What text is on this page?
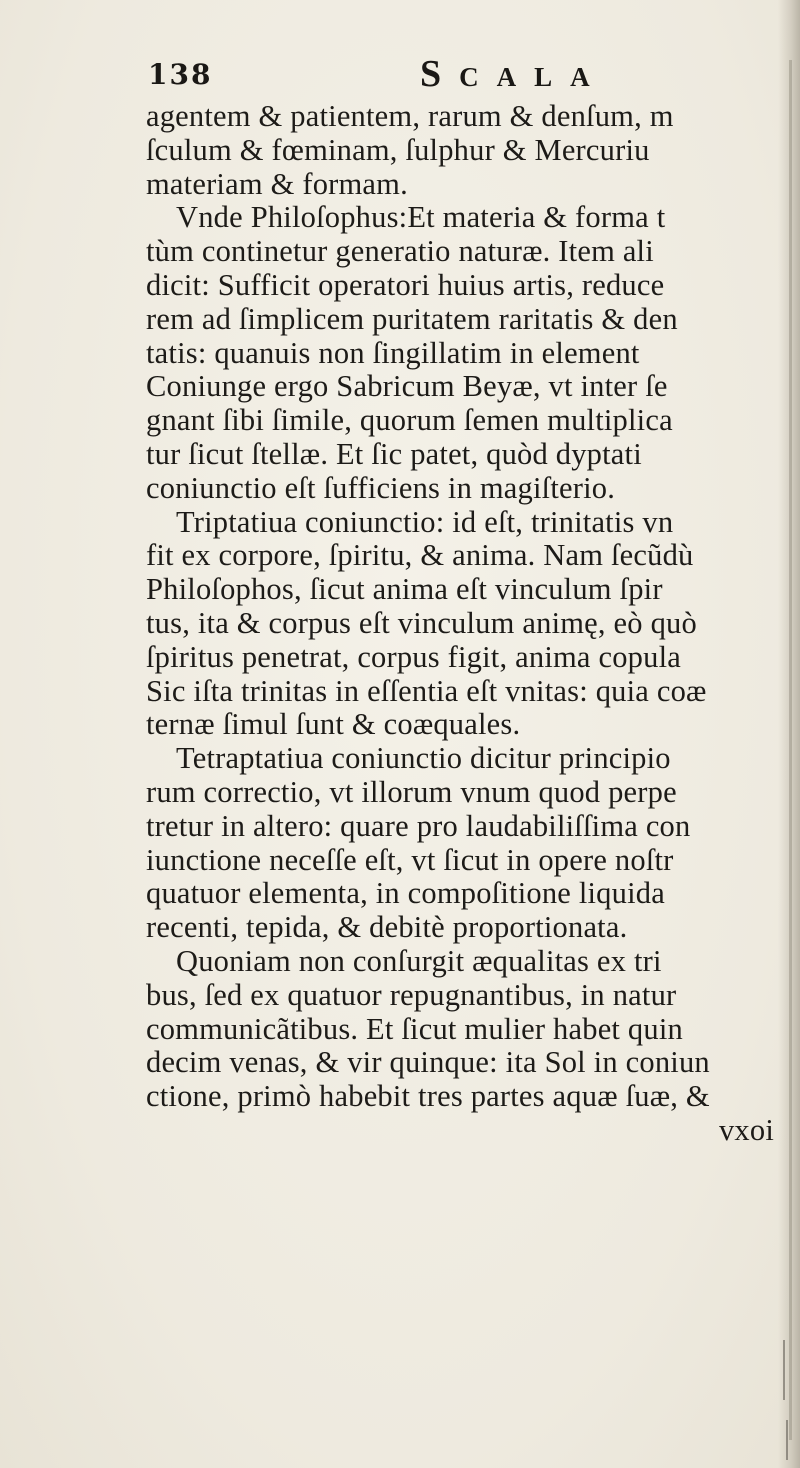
138	Scala
agentem & patientem, rarum & denſum, m
ſculum & fœminam, ſulphur & Mercuriu
materiam & formam.
Vnde Philoſophus:Et materia & forma t
tùm continetur generatio naturæ. Item ali
dicit: Sufficit operatori huius artis, reduce
rem ad ſimplicem puritatem raritatis & den
tatis: quanuis non ſingillatim in element
Coniunge ergo Sabricum Beyæ, vt inter ſe
gnant ſibi ſimile, quorum ſemen multiplica
tur ſicut ſtellæ. Et ſic patet, quòd dyptati
coniunctio eſt ſufficiens in magiſterio.
Triptatiua coniunctio: id eſt, trinitatis vn
fit ex corpore, ſpiritu, & anima. Nam ſecũdù
Philoſophos, ſicut anima eſt vinculum ſpir
tus, ita & corpus eſt vinculum animę, eò quò
ſpiritus penetrat, corpus figit, anima copula
Sic iſta trinitas in eſſentia eſt vnitas: quia coæ
ternæ ſimul ſunt & coæquales.
Tetraptatiua coniunctio dicitur principio
rum correctio, vt illorum vnum quod perpe
tretur in altero: quare pro laudabiliſſima con
iunctione neceſſe eſt, vt ſicut in opere noſtr
quatuor elementa, in compoſitione liquida
recenti, tepida, & debitè proportionata.
Quoniam non conſurgit æqualitas ex tri
bus, ſed ex quatuor repugnantibus, in natur
communicãtibus. Et ſicut mulier habet quin
decim venas, & vir quinque: ita Sol in coniun
ctione, primò habebit tres partes aquæ ſuæ, &
vxoi
